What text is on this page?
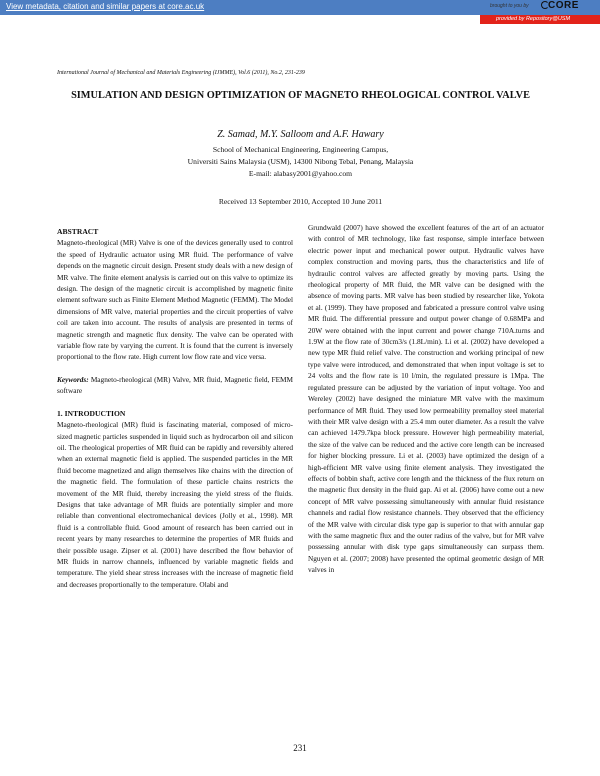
View metadata, citation and similar papers at core.ac.uk	brought to you by CORE
provided by Repository@USM
International Journal of Mechanical and Materials Engineering (IJMME), Vol.6 (2011), No.2, 231-239
SIMULATION AND DESIGN OPTIMIZATION OF MAGNETO RHEOLOGICAL CONTROL VALVE
Z. Samad, M.Y. Salloom and A.F. Hawary
School of Mechanical Engineering, Engineering Campus,
Universiti Sains Malaysia (USM), 14300 Nibong Tebal, Penang, Malaysia
E-mail: alabasy2001@yahoo.com
Received 13 September 2010, Accepted 10 June 2011

ABSTRACT

Magneto-rheological (MR) Valve is one of the devices generally used to control the speed of Hydraulic actuator using MR fluid. The performance of valve depends on the magnetic circuit design. Present study deals with a new design of MR valve. The finite element analysis is carried out on this valve to optimize its design. The design of the magnetic circuit is accomplished by magnetic finite element software such as Finite Element Method Magnetic (FEMM). The Model dimensions of MR valve, material properties and the circuit properties of valve coil are taken into account. The results of analysis are presented in terms of magnetic strength and magnetic flux density. The valve can be operated with variable flow rate by varying the current. It is found that the current is inversely proportional to the flow rate. High current low flow rate and vice versa.

Keywords: Magneto-rheological (MR) Valve, MR fluid, Magnetic field, FEMM software

1. INTRODUCTION

Magneto-rheological (MR) fluid is fascinating material, composed of micro-sized magnetic particles suspended in liquid such as hydrocarbon oil and silicon oil. The rheological properties of MR fluid can be rapidly and reversibly altered when an external magnetic field is applied. The suspended particles in the MR fluid become magnetized and align themselves like chains with the direction of the magnetic field. The formulation of these particle chains restricts the movement of the MR fluid, thereby increasing the yield stress of the fluids. Designs that take advantage of MR fluids are potentially simpler and more reliable than conventional electromechanical devices (Jolly et al., 1998). MR fluid is a controllable fluid. Good amount of research has been carried out in recent years by many researches to determine the properties of MR fluids and their possible usage. Zipser et al. (2001) have described the flow behavior of MR fluids in narrow channels, influenced by variable magnetic fields and temperature. The yield shear stress increases with the increase of magnetic field and decreases proportionally to the temperature. Olabi and

Grundwald (2007) have showed the excellent features of the art of an actuator with control of MR technology, like fast response, simple interface between electric power input and mechanical power output. Hydraulic valves have complex construction and moving parts, thus the characteristics and life of hydraulic control valves are affected greatly by moving parts. Using the rheological property of MR fluid, the MR valve can be designed with the absence of moving parts. MR valve has been studied by researcher like, Yokota et al. (1999). They have proposed and fabricated a pressure control valve using MR fluid. The differential pressure and output power change of 0.68MPa and 20W were obtained with the input current and power change 710A.turns and 1.9W at the flow rate of 30cm3/s (1.8L/min). Li et al. (2002) have developed a new type MR fluid relief valve. The construction and working principal of new type valve were introduced, and demonstrated that when input voltage is set to 24 volts and the flow rate is 10 l/min, the regulated pressure is 1Mpa. The regulated pressure can be adjusted by the variation of input voltage. Yoo and Wereley (2002) have designed the miniature MR valve with the maximum performance of MR fluid. They used low permeability premalloy steel material with their MR valve design with a 25.4 mm outer diameter. As a result the valve can achieved 1479.7kpa block pressure. However high permeability material, the size of the valve can be reduced and the active core length can be increased for higher blocking pressure. Li et al. (2003) have optimized the design of a high-efficient MR valve using finite element analysis. They investigated the effects of bobbin shaft, active core length and the thickness of the flux return on the magnetic flux density in the fluid gap. Ai et al. (2006) have come out a new concept of MR valve possessing simultaneously with annular fluid resistance channels and radial flow resistance channels. They observed that the efficiency of the MR valve with circular disk type gap is superior to that with annular gap with the same magnetic flux and the outer radius of the valve, but for MR valve possessing annular with disk type gaps simultaneously can surpass them. Nguyen et al. (2007; 2008) have presented the optimal geometric design of MR valves in

231
